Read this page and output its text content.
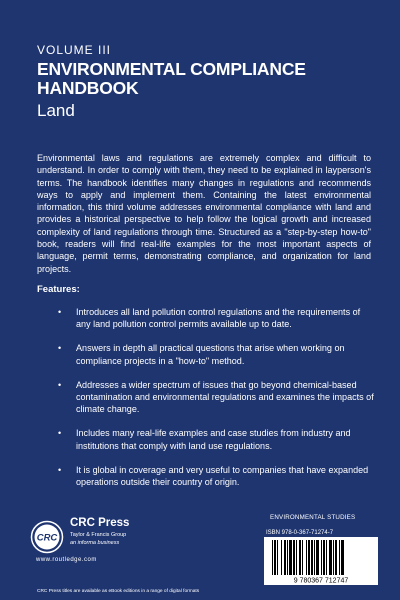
VOLUME III
ENVIRONMENTAL COMPLIANCE
HANDBOOK
Land

Environmental laws and regulations are extremely complex and difficult to understand. In order to comply with them, they need to be explained in layperson's terms. The handbook identifies many changes in regulations and recommends ways to apply and implement them. Containing the latest environmental information, this third volume addresses environmental compliance with land and provides a historical perspective to help follow the logical growth and increased complexity of land regulations through time. Structured as a "step-by-step how-to" book, readers will find real-life examples for the most important aspects of language, permit terms, demonstrating compliance, and organization for land projects.

Features:
• Introduces all land pollution control regulations and the requirements of any land pollution control permits available up to date.
• Answers in depth all practical questions that arise when working on compliance projects in a "how-to" method.
• Addresses a wider spectrum of issues that go beyond chemical-based contamination and environmental regulations and examines the impacts of climate change.
• Includes many real-life examples and case studies from industry and institutions that comply with land use regulations.
• It is global in coverage and very useful to companies that have expanded operations outside their country of origin.
CRC
CRC Press
Taylor & Francis Group
an informa business
www.routledge.com
ENVIRONMENTAL STUDIES
ISBN 978-0-367-71274-7
9 780367 712747
CRC Press titles are available as eBook editions in a range of digital formats
